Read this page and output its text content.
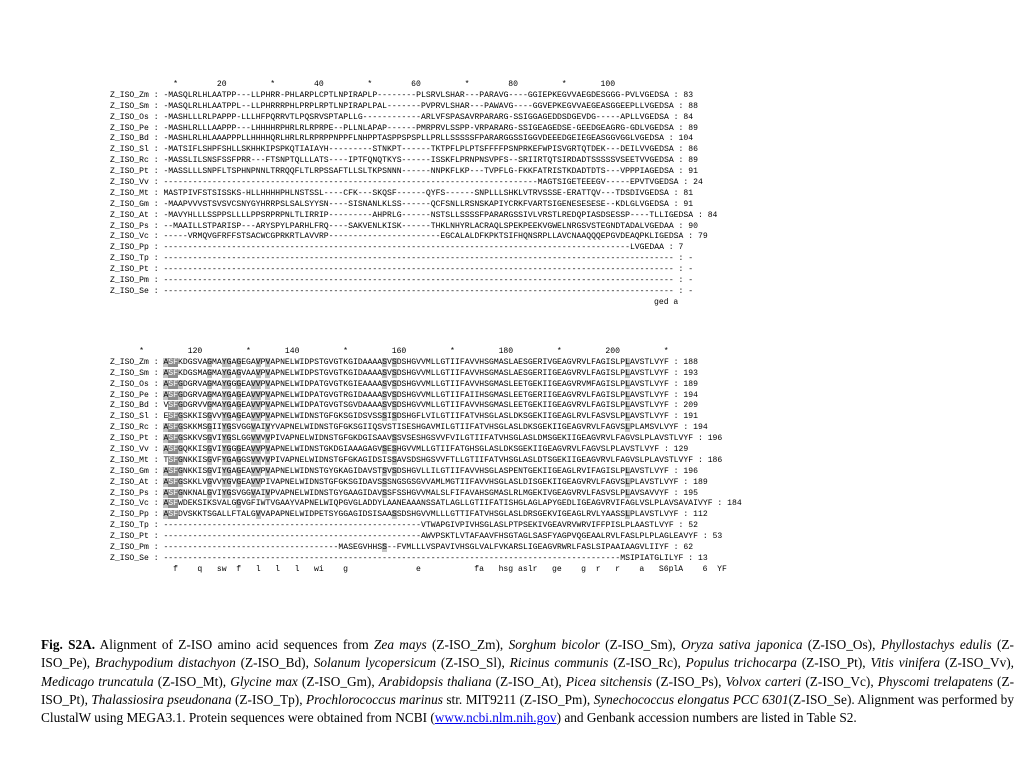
*        20         *        40         *        60         *        80         *       100
Z_ISO_Zm : -MASQLRLHLAATPP---LLPHRR-PHLARPLCPTLNPIRAPLP--------PLSRVLSHAR---PARAVG----GGIEPKEGVVAEGDESGGG-PVLVGEDSA : 83
Z_ISO_Sm : -MASQLRLHLAATPPL--LLPHRRRPHLPRPLRPTLNPIRAPLPAL-------PVPRVLSHAR---PAWAVG----GGVEPKEGVVAEGEASGGEEPLLVGEDSA : 88
Z_ISO_Os : -MASHLLLRLPAPPP-LLLHFPQRRVTLPQSRVSPTAPLLG------------ARLVFSPASAVRPARARG-SSIGGAGEDDSDGEVDG-----APLLVGEDSA : 84
Z_ISO_Pe : -MASHLRLLLAAPPP---LHHHHRPHRLRLRPRPE--PLLNLAPAP------PMRPRVLSSPP-VRPARARG-SSIGEAGEDSE-GEEDGEAGRG-GDLVGEDSA : 89
Z_ISO_Bd : -MASHLRLHLAAAPPPLLHHHHQRLHRLRLRPRPPNPPFLNHPPTASPPSPSPLLPRLLSSSSSFPARARGGSSIGGVDEEEDGEIEGEASGGVGGLVGEDSA : 104
Z_ISO_Sl : -MATSIFLSHPFSHLLSKHHKIPSPKQTIAIAYH---------STNKPT------TKTPFLPLPTSFFFFPSNPRKEFWPISVGRTQTDEK---DEILVVGEDSA : 86
Z_ISO_Rc : -MASSLILSNSFSSFPRR---FTSNPTQLLLATS----IPTFQNQTKYS------ISSKFLPRNPNSVPFS--SRIIRTQTSIRDADTSSSSSVSEETVVGEDSA : 89
Z_ISO_Pt : -MASSLLLSNPFLTSPHNPNNLTRRQQFLTLRPSSAFTLLSLTKPSNNN------NNPKFLKP---TVPFLG-FKKFATRISTKDADTDTS---VPPPIAGEDSA : 91
Z_ISO_Vv : -----------------------------------------------------------------------------MAGTSIGETEEEGV-----EPVTVGEDSA : 24
Z_ISO_Mt : MASTPIVFSTSISSKS-HLLHHHHPHLNSTSSL----CFK---SKQSF------QYFS------SNPLLLSHKLVTRVSSSE-ERATTQV---TDSDIVGEDSA : 81
Z_ISO_Gm : -MAAPVVVSTSVSVCSNYGYHRRPSLSALSYYSN----SISNANLKLSS------QCFSNLLRSNSKAPIYCRKFVARTSIGENESESESE--KDLGLVGEDSA : 91
Z_ISO_At : -MAVYHLLLSSPPSLLLLPPSRPRPNLTLIRRIP---------AHPRLG------NSTSLLSSSSFPARARGSSIVLVRSTLREDQPIASDSESSP----TLLIGEDSA : 84
Z_ISO_Ps : --MAAILLSTPARISP---ARYSPYLPARHLFRQ----SAKVENLKISK------THKLNHYRLACRAQLSPEKPEEKVGWELNRGSVSTEGNDTADALVGEDAA : 90
Z_ISO_Vc : -----VRMQVGFRFFSTSACWCGPRKRTLAVVRP-----------------------EGCALALDFKPKTSIFHQNSRPLLAVCNAAQQQEPGVDEAQPKLIGEDSA : 79
Z_ISO_Pp : ------------------------------------------------------------------------------------------------LVGEDAA : 7
Z_ISO_Tp : --------------------------------------------------------------------------------------------------------- : -
Z_ISO_Pt : --------------------------------------------------------------------------------------------------------- : -
Z_ISO_Pm : --------------------------------------------------------------------------------------------------------- : -
Z_ISO_Se : --------------------------------------------------------------------------------------------------------- : -
ged a
*         120         *       140         *         160         *         180         *         200         *
Z_ISO_Zm : ASFKDGSVAGMAYGAGEGAVPVAPNELWIDPSTGVGTKGIDAAAASVSDSHGVVMLLGTIIFAVVHSGMASLAESGERIVGEAGVRVLFAGISLPLAVSTLVYF : 188
Z_ISO_Sm : ASFKDGSMAGMAYGAGVAAVPVAPNELWIDPSTGVGTKGIDAAAASVSDSHGVVMLLGTIIFAVVHSGMASLAESGERIIGEAGVRVLFAGISLPLAVSTLVYF : 193
Z_ISO_Os : ASFGDGRVAGMAYGGGEAVVPVAPNELWIDPATGVGTKGIEAAAASVSDSHGVVMLLGTIIFAVVHSGMASLEETGEKIIGEAGVRVMFAGISLPLAVSTLVYF : 189
Z_ISO_Pe : ASFGDGRVAGMAYGAGEAVVPVAPNELWIDPATGVGTRGIDAAAASVSDSHGVVMLLGTIIFAIIHSGMASLEETGERIIGEAGVRVLFAGISLPLAVSTLVYF : 194
Z_ISO_Bd : VSFGDGRVVGMAYGAGEAVVPVAPNELWIDPATGVGTSGVDAAAASVSDSHGVVMLLGTIIFAVVHSGMASLEETGEKIIGEAGVRVLFAGISLPLAVSTLVYF : 209
Z_ISO_Sl : ESFGSKKISGVVYGAGEAVVPVAPNELWIDNSTGFGKSGIDSVSSSISDSHGFLVILGTIIFATVHSGLASLDKSGEKIIGEAGLRVLFASVSLPLAVSTLVYF : 191
Z_ISO_Rc : ASFGSKKMSGIIYGSVGGVAIVYVAPNELWIDNSTGFGKSGIIQSVSTISESHGAVMILGTIIFATVHSGLASLDKSGEKIIGEAGVRVLFAGVSLPLAMSVLVYF : 194
Z_ISO_Pt : ASFGSKKVSGVIYGSLGGVVVVPIVAPNELWIDNSTGFGKDGISAAVSSVSESHGSVVFVILGTIIFATVHSGLASLDMSGEKIIGEAGVRVLFAGVSLPLAVSTLVYF : 196
Z_ISO_Vv : ASFGQKKISGVIYGGGEAVVPVAPNELWIDNSTGKDGIAAAGAGVSESHGVVMLLGTIIFATGHSGLASLDKSGEKIIGEAGVRVLFAGVSLPLAVSTLVYF : 129
Z_ISO_Mt : TSFGNKKISGVFYGAGGSVVVVPIVAPNELWIDNSTGFGKAGIDSISSAVSDSHGSVVFTLLGTIIFATVHSGLASLDTSGEKIIGEAGVRVLFAGVSLPLAVSTLVYF : 186
Z_ISO_Gm : ASFGNKKISGVIYGAGEAVVPVAPNELWIDNSTGYGKAGIDAVSTSVSDSHGVLLILGTIIFAVVHSGLASPENTGEKIIGEAGLRVIFAGISLPLAVSTLVYF : 196
Z_ISO_At : ASFGSKKLVGVVYGVGEAVVPIVAPNELWIDNSTGFGKSGIDAVSSSNGSGSGVVAMLMGTIIFAVVHSGLASLDISGEKIIGEAGVRVLFAGVSLPLAVSTLVYF : 189
Z_ISO_Ps : ASFGNKNALGVIYGSVGGVAIVPVAPNELWIDNSTGYGAAGIDAVSSFSSHGVVMALSLFIFAVAHSGMASLRLMGEKIVGEAGVRVLFASVSLPLAVSAVVYF : 195
Z_ISO_Vc : ASFWDEKSIKSVALGGVGFIWTVGAAYVAPNELWIQPGVGLADDYLAANEAAANSSATLAGLLGTIIFATISHGLAGLAPYGEDLIGEAGVRVIFAGLVSLPLAVSAVAIVYF : 184
Z_ISO_Pp : ASFDVSKKTSGALLFTALGVVAPAPNELWIDPETSYGGAGIDSISAASSDSHGVVMLLLGTTIFATVHSGLASLDRSGEKVIGEAGLRVLYAASSLPLAVSTLVYF : 112
Z_ISO_Tp : -----------------------------------------------------VTWAPGIVPIVHSGLASLPTPSEKIVGEAVRVWRVIFFPISLPLAASTLVYF : 52
Z_ISO_Pt : -----------------------------------------------------AWVPSKTLVTAFAAVFHSGTAGLSASFYAGPVQGEAALRVLFASLPLPLAGLEAVYF : 53
Z_ISO_Pm : ------------------------------------MASEGVHHSS--FVMLLLVSPAVIVHSGLVALFVKARSLIGEAGVRWRLFASLSIPAAIAAGVLIIYF : 62
Z_ISO_Se : ----------------------------------------------------------------------------------------------MSIPIATGLILYF : 13
f    q   sw  f   l   l   l   wi    g              e           fa   hsg aslr   ge    g  r   r    a   S6plA    6  YF
Fig. S2A. Alignment of Z-ISO amino acid sequences from Zea mays (Z-ISO_Zm), Sorghum bicolor (Z-ISO_Sm), Oryza sativa japonica (Z-ISO_Os), Phyllostachys edulis (Z-ISO_Pe), Brachypodium distachyon (Z-ISO_Bd), Solanum lycopersicum (Z-ISO_Sl), Ricinus communis (Z-ISO_Rc), Populus trichocarpa (Z-ISO_Pt), Vitis vinifera (Z-ISO_Vv), Medicago truncatula (Z-ISO_Mt), Glycine max (Z-ISO_Gm), Arabidopsis thaliana (Z-ISO_At), Picea sitchensis (Z-ISO_Ps), Volvox carteri (Z-ISO_Vc), Physcomi trelapatens (Z-ISO_Pt), Thalassiosira pseudonana (Z-ISO_Tp), Prochlorococcus marinus str. MIT9211 (Z-ISO_Pm), Synechococcus elongatus PCC 6301(Z-ISO_Se). Alignment was performed by ClustalW using MEGA3.1. Protein sequences were obtained from NCBI (www.ncbi.nlm.nih.gov) and Genbank accession numbers are listed in Table S2.
